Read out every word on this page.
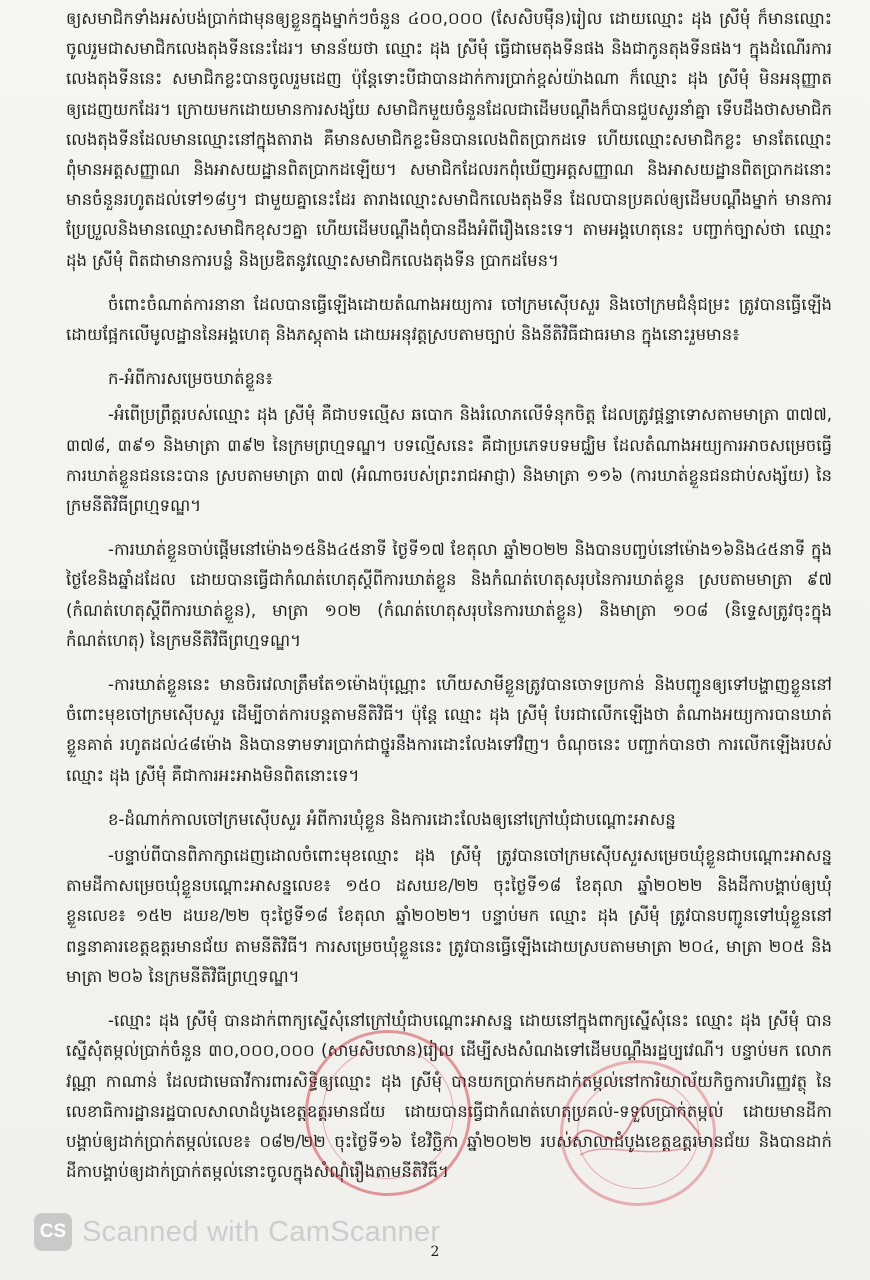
ឲ្យសមាជិកទាំងអស់បង់ប្រាក់ជាមុនឲ្យខ្លួនក្នុងម្នាក់ៗចំនួន ៤០០,០០០ (សែសិបម៉ឺន)រៀល ដោយឈ្មោះ ដុង ស្រីមុំ ក៏មានឈ្មោះចូលរួមជាសមាជិកលេងតុងទីននេះដែរ។ មានន័យថា ឈ្មោះ ដុង ស្រីមុំ ធ្វើជាមេតុងទីនផង និងជាកូនតុងទីនផង។ ក្នុងដំណើរការលេងតុងទីននេះ សមាជិកខ្លះបានចូលរួមដេញ ប៉ុន្តែទោះបីជាបានដាក់ការប្រាក់ខ្ពស់យ៉ាងណា ក៏ឈ្មោះ ដុង ស្រីមុំ មិនអនុញ្ញាតឲ្យដេញយកដែរ។ ក្រោយមកដោយមានការសង្ស័យ សមាជិកមួយចំនួនដែលជាដើមបណ្ដឹងក៏បានជួបសួរនាំគ្នា ទើបដឹងថាសមាជិកលេងតុងទីនដែលមានឈ្មោះនៅក្នុងតារាង គឺមានសមាជិកខ្លះមិនបានលេងពិតប្រាកដទេ ហើយឈ្មោះសមាជិកខ្លះ មានតែឈ្មោះ ពុំមានអត្តសញ្ញាណ និងអាសយដ្ឋានពិតប្រាកដឡើយ។ សមាជិកដែលរកពុំឃើញអត្តសញ្ញាណ និងអាសយដ្ឋានពិតប្រាកដនោះ មានចំនួនរហូតដល់ទៅ១៨ឫ។ ជាមួយគ្នានេះដែរ តារាងឈ្មោះសមាជិកលេងតុងទីន ដែលបានប្រគល់ឲ្យដើមបណ្ដឹងម្នាក់ មានការប្រែប្រួលនិងមានឈ្មោះសមាជិកខុសៗគ្នា ហើយដើមបណ្ដឹងពុំបានដឹងអំពីរឿងនេះទេ។ តាមអង្គហេតុនេះ បញ្ជាក់ច្បាស់ថា ឈ្មោះ ដុង ស្រីមុំ ពិតជាមានការបន្លំ និងប្រឌិតនូវឈ្មោះសមាជិកលេងតុងទីន ប្រាកដមែន។

ចំពោះចំណាត់ការនានា ដែលបានធ្វើឡើងដោយតំណាងអយ្យការ ចៅក្រមស៊ើបសួរ និងចៅក្រមជំនុំជម្រះ ត្រូវបានធ្វើឡើងដោយផ្អែកលើមូលដ្ឋាននៃអង្គហេតុ និងភស្តុតាង ដោយអនុវត្តស្របតាមច្បាប់ និងនីតិវិធីជាធរមាន ក្នុងនោះរួមមាន៖

ក-អំពីការសម្រេចឃាត់ខ្លួន៖

-អំពើប្រព្រឹត្តរបស់ឈ្មោះ ដុង ស្រីមុំ គឺជាបទល្មើស ឆបោក និងរំលោភលើទំនុកចិត្ត ដែលត្រូវផ្ដន្ទាទោសតាមមាត្រា ៣៧៧, ៣៧៨, ៣៩១ និងមាត្រា ៣៩២ នៃក្រមព្រហ្មទណ្ឌ។ បទល្មើសនេះ គឺជាប្រភេទបទមជ្ឈិម ដែលតំណាងអយ្យការអាចសម្រេចធ្វើការឃាត់ខ្លួនជននេះបាន ស្របតាមមាត្រា ៣៧ (អំណាចរបស់ព្រះរាជអាជ្ញា) និងមាត្រា ១១៦ (ការឃាត់ខ្លួនជនជាប់សង្ស័យ) នៃក្រមនីតិវិធីព្រហ្មទណ្ឌ។

-ការឃាត់ខ្លួនចាប់ផ្ដើមនៅម៉ោង១៥និង៤៥នាទី ថ្ងៃទី១៧ ខែតុលា ឆ្នាំ២០២២ និងបានបញ្ចប់នៅម៉ោង១៦និង៤៥នាទី ក្នុងថ្ងៃខែនិងឆ្នាំដដែល ដោយបានធ្វើជាកំណត់ហេតុស្ដីពីការឃាត់ខ្លួន និងកំណត់ហេតុសរុបនៃការឃាត់ខ្លួន ស្របតាមមាត្រា ៩៧ (កំណត់ហេតុស្ដីពីការឃាត់ខ្លួន), មាត្រា ១០២ (កំណត់ហេតុសរុបនៃការឃាត់ខ្លួន) និងមាត្រា ១០៨ (និទ្ទេសត្រូវចុះក្នុងកំណត់ហេតុ) នៃក្រមនីតិវិធីព្រហ្មទណ្ឌ។

-ការឃាត់ខ្លួននេះ មានចិរវេលាត្រឹមតែ១ម៉ោងប៉ុណ្ណោះ ហើយសាមីខ្លួនត្រូវបានចោទប្រកាន់ និងបញ្ជូនឲ្យទៅបង្ហាញខ្លួននៅចំពោះមុខចៅក្រមស៊ើបសួរ ដើម្បីចាត់ការបន្តតាមនីតិវិធី។ ប៉ុន្តែ ឈ្មោះ ដុង ស្រីមុំ បែរជាលើកឡើងថា តំណាងអយ្យការបានឃាត់ខ្លួនគាត់ រហូតដល់៤៨ម៉ោង និងបានទាមទារប្រាក់ជាថ្នូរនឹងការដោះលែងទៅវិញ។ ចំណុចនេះ បញ្ជាក់បានថា ការលើកឡើងរបស់ឈ្មោះ ដុង ស្រីមុំ គឺជាការអះអាងមិនពិតនោះទេ។

ខ-ដំណាក់កាលចៅក្រមស៊ើបសួរ អំពីការឃុំខ្លួន និងការដោះលែងឲ្យនៅក្រៅឃុំជាបណ្ដោះអាសន្ន

-បន្ទាប់ពីបានពិភាក្សាដេញដោលចំពោះមុខឈ្មោះ ដុង ស្រីមុំ ត្រូវបានចៅក្រមស៊ើបសួរសម្រេចឃុំខ្លួនជាបណ្ដោះអាសន្ន តាមដីកាសម្រេចឃុំខ្លួនបណ្ដោះអាសន្នលេខ៖ ១៥០ ដសឃខ/២២ ចុះថ្ងៃទី១៨ ខែតុលា ឆ្នាំ២០២២ និងដីកាបង្គាប់ឲ្យឃុំខ្លួនលេខ៖ ១៥២ ដឃខ/២២ ចុះថ្ងៃទី១៨ ខែតុលា ឆ្នាំ២០២២។ បន្ទាប់មក ឈ្មោះ ដុង ស្រីមុំ ត្រូវបានបញ្ជូនទៅឃុំខ្លួននៅពន្ធនាគារខេត្តឧត្ដរមានជ័យ តាមនីតិវិធី។ ការសម្រេចឃុំខ្លួននេះ ត្រូវបានធ្វើឡើងដោយស្របតាមមាត្រា ២០៤, មាត្រា ២០៥ និងមាត្រា ២០៦ នៃក្រមនីតិវិធីព្រហ្មទណ្ឌ។

-ឈ្មោះ ដុង ស្រីមុំ បានដាក់ពាក្យស្នើសុំនៅក្រៅឃុំជាបណ្ដោះអាសន្ន ដោយនៅក្នុងពាក្យស្នើសុំនេះ ឈ្មោះ ដុង ស្រីមុំ បានស្នើសុំតម្កល់ប្រាក់ចំនួន ៣០,០០០,០០០ (សាមសិបលាន)រៀល ដើម្បីសងសំណងទៅដើមបណ្ដឹងរដ្ឋប្បវេណី។ បន្ទាប់មក លោក វណ្ណា កាណាន់ ដែលជាមេធាវីការពារសិទ្ធិឲ្យឈ្មោះ ដុង ស្រីមុំ បានយកប្រាក់មកដាក់តម្កល់នៅការិយាល័យកិច្ចការហិរញ្ញវត្ថុ នៃលេខាធិការដ្ឋានរដ្ឋបាលសាលាដំបូងខេត្តឧត្ដរមានជ័យ ដោយបានធ្វើជាកំណត់ហេតុប្រគល់-ទទួលប្រាក់តម្កល់ ដោយមានដីកាបង្គាប់ឲ្យដាក់ប្រាក់តម្កល់លេខ៖ ០៨២/២២ ចុះថ្ងៃទី១៦ ខែវិច្ឆិកា ឆ្នាំ២០២២ របស់សាលាដំបូងខេត្តឧត្ដរមានជ័យ និងបានដាក់ដីកាបង្គាប់ឲ្យដាក់ប្រាក់តម្កល់នោះចូលក្នុងសំណុំរឿងតាមនីតិវិធី។

CS Scanned with CamScanner
2
